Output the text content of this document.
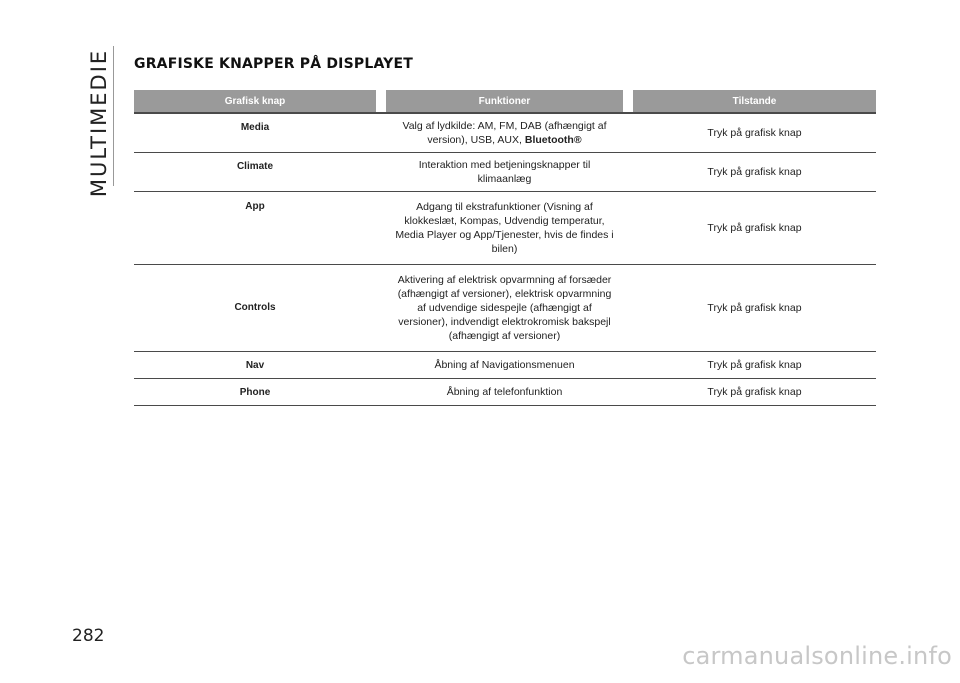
MULTIMEDIE GRAFISKE KNAPPER PÅ DISPLAYET
Grafisk knap		Funktioner		Tilstande
Media		Valg af lydkilde: AM, FM, DAB (afhængigt af version), USB, AUX, Bluetooth®		Tryk på grafisk knap
Climate		Interaktion med betjeningsknapper til klimaanlæg		Tryk på grafisk knap
App		Adgang til ekstrafunktioner (Visning af klokkeslæt, Kompas, Udvendig temperatur, Media Player og App/Tjenester, hvis de findes i bilen)		Tryk på grafisk knap
Controls		Aktivering af elektrisk opvarmning af forsæder (afhængigt af versioner), elektrisk opvarmning af udvendige sidespejle (afhængigt af versioner), indvendigt elektrokromisk bakspejl (afhængigt af versioner)		Tryk på grafisk knap
Nav		Åbning af Navigationsmenuen		Tryk på grafisk knap
Phone		Åbning af telefonfunktion		Tryk på grafisk knap
282
carmanualsonline.info
